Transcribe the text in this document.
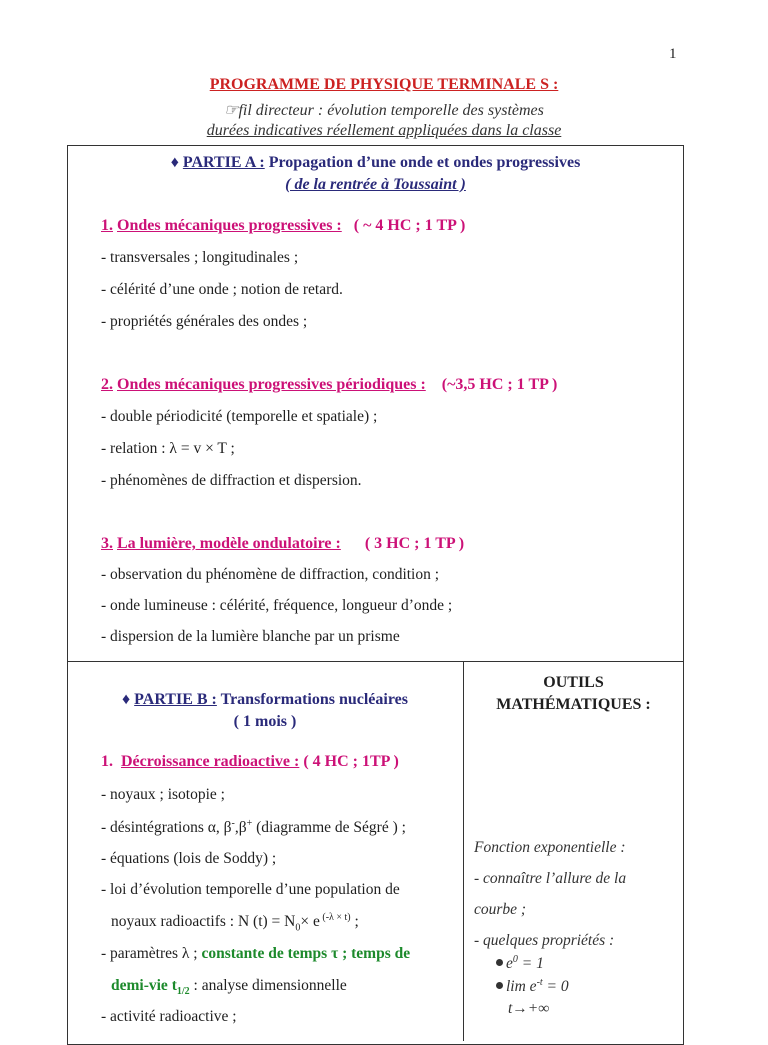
1
PROGRAMME DE PHYSIQUE TERMINALE S :
☞fil directeur : évolution temporelle des systèmes
durées indicatives réellement appliquées dans la classe
♦ PARTIE A : Propagation d’une onde et ondes progressives
( de la rentrée à Toussaint )
1. Ondes mécaniques progressives : ( ~ 4 HC ; 1 TP )
- transversales ; longitudinales ;
- célérité d’une onde ; notion de retard.
- propriétés générales des ondes ;
2. Ondes mécaniques progressives périodiques : (~3,5 HC ; 1 TP )
- double périodicité (temporelle et spatiale) ;
- relation : λ = v × T ;
- phénomènes de diffraction et dispersion.
3. La lumière, modèle ondulatoire : ( 3 HC ; 1 TP )
- observation du phénomène de diffraction, condition ;
- onde lumineuse : célérité, fréquence, longueur d’onde ;
- dispersion de la lumière blanche par un prisme
♦ PARTIE B : Transformations nucléaires
( 1 mois )
1. Décroissance radioactive : ( 4 HC ; 1TP )
- noyaux ; isotopie ;
- désintégrations α, β-,β+ (diagramme de Ségré ) ;
- équations (lois de Soddy) ;
- loi d’évolution temporelle d’une population de
noyaux radioactifs : N $(t) = N_0\times e$ $^{(-\lambda \times t)}$ ;
- paramètres λ ; constante de temps τ ; temps de
demi-vie $t_{1/2}$ : analyse dimensionnelle
- activité radioactive ;
OUTILS
MATHÉMATIQUES :
Fonction exponentielle :
- connaître l’allure de la
courbe ;
- quelques propriétés :
$e^0 = 1$
$\lim e^{-t} = 0$
t→+∞
